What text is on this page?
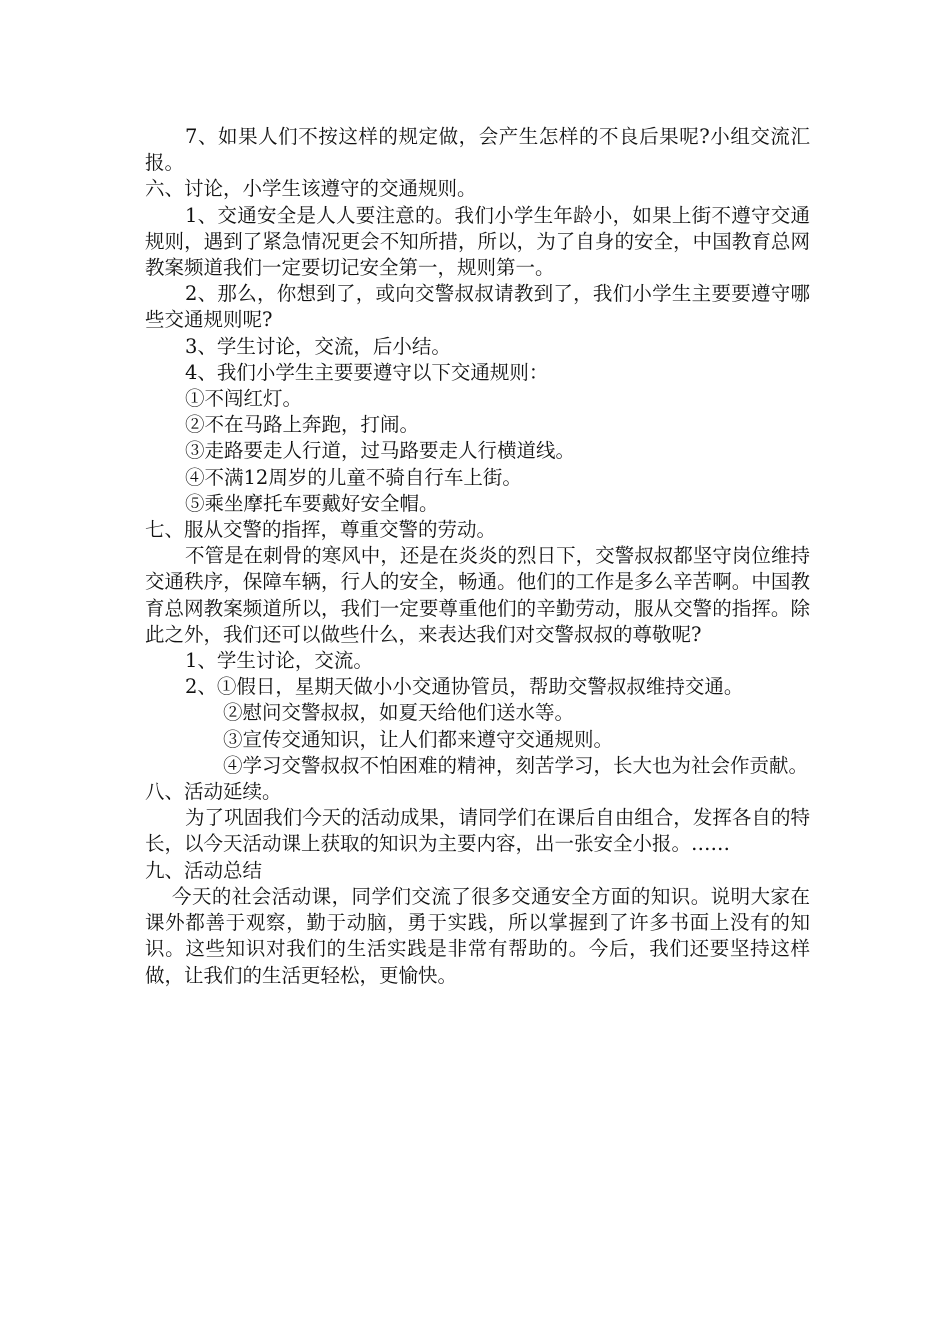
7、如果人们不按这样的规定做，会产生怎样的不良后果呢?小组交流汇报。

六、讨论，小学生该遵守的交通规则。

1、交通安全是人人要注意的。我们小学生年龄小，如果上街不遵守交通规则，遇到了紧急情况更会不知所措，所以，为了自身的安全，中国教育总网教案频道我们一定要切记安全第一，规则第一。

2、那么，你想到了，或向交警叔叔请教到了，我们小学生主要要遵守哪些交通规则呢?

3、学生讨论，交流，后小结。

4、我们小学生主要要遵守以下交通规则：

①不闯红灯。

②不在马路上奔跑，打闹。

③走路要走人行道，过马路要走人行横道线。

④不满12周岁的儿童不骑自行车上街。

⑤乘坐摩托车要戴好安全帽。

七、服从交警的指挥，尊重交警的劳动。

不管是在刺骨的寒风中，还是在炎炎的烈日下，交警叔叔都坚守岗位维持交通秩序，保障车辆，行人的安全，畅通。他们的工作是多么辛苦啊。中国教育总网教案频道所以，我们一定要尊重他们的辛勤劳动，服从交警的指挥。除此之外，我们还可以做些什么，来表达我们对交警叔叔的尊敬呢?

1、学生讨论，交流。

2、①假日，星期天做小小交通协管员，帮助交警叔叔维持交通。

②慰问交警叔叔，如夏天给他们送水等。

③宣传交通知识，让人们都来遵守交通规则。

④学习交警叔叔不怕困难的精神，刻苦学习，长大也为社会作贡献。

八、活动延续。

为了巩固我们今天的活动成果，请同学们在课后自由组合，发挥各自的特长，以今天活动课上获取的知识为主要内容，出一张安全小报。……

九、活动总结

今天的社会活动课，同学们交流了很多交通安全方面的知识。说明大家在课外都善于观察，勤于动脑，勇于实践，所以掌握到了许多书面上没有的知识。这些知识对我们的生活实践是非常有帮助的。今后，我们还要坚持这样做，让我们的生活更轻松，更愉快。
